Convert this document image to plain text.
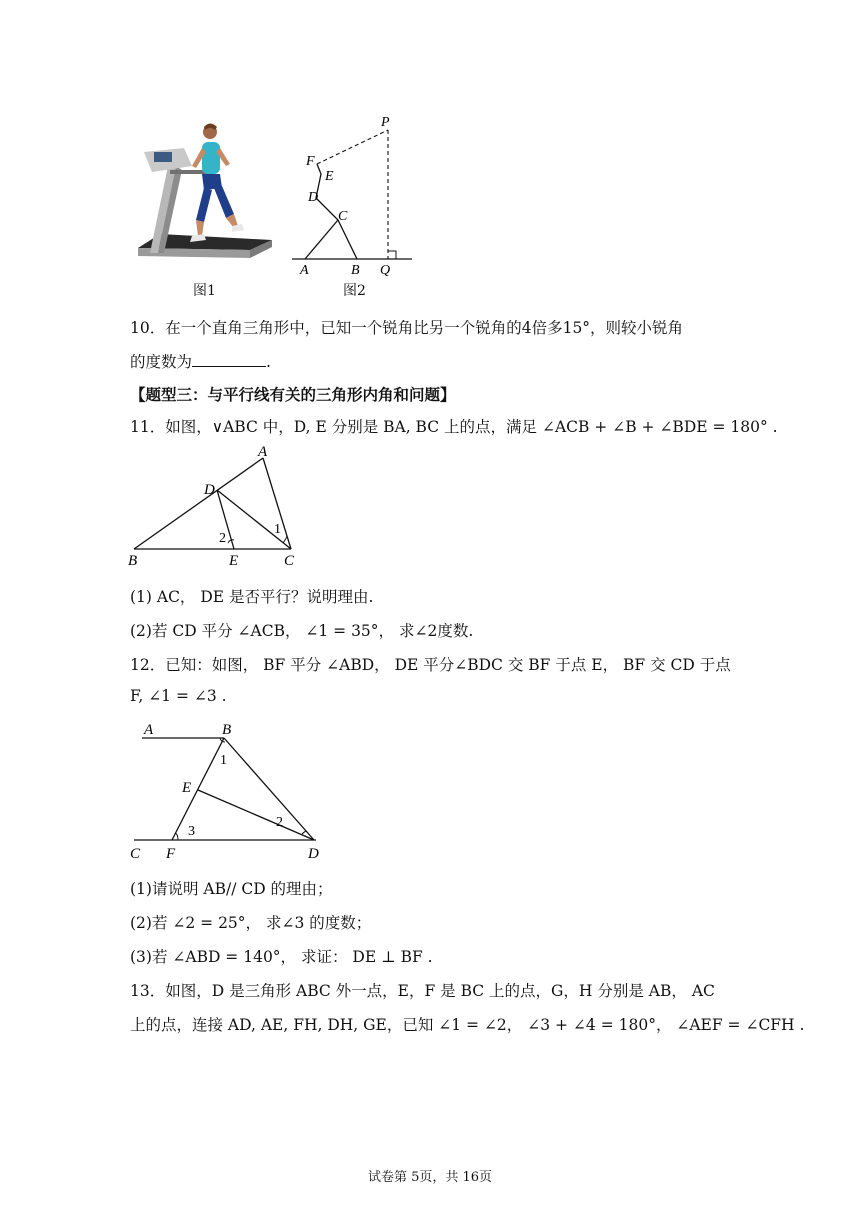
图1
P
F
E
D
C
A	B Q
图2
10．在一个直角三角形中，已知一个锐角比另一个锐角的4倍多15°，则较小锐角
的度数为	.
【题型三：与平行线有关的三角形内角和问题】
11．如图，∨ABC 中，D, E 分别是 BA, BC 上的点，满足 ∠ACB + ∠B + ∠BDE = 180° .
A
D
B	E	C
1
2
(1) AC， DE 是否平行？说明理由.
(2)若 CD 平分 ∠ACB， ∠1 = 35°， 求∠2度数.
12．已知：如图， BF 平分 ∠ABD， DE 平分∠BDC 交 BF 于点 E， BF 交 CD 于点
F, ∠1 = ∠3 .
A	B
E
C F	D
1
2
3
(1)请说明 AB// CD 的理由；
(2)若 ∠2 = 25°， 求∠3 的度数；
(3)若 ∠ABD = 140°， 求证： DE ⊥ BF .
13．如图，D 是三角形 ABC 外一点，E，F 是 BC 上的点，G，H 分别是 AB， AC
上的点，连接 AD, AE, FH, DH, GE，已知 ∠1 = ∠2， ∠3 + ∠4 = 180°， ∠AEF = ∠CFH .
试卷第 5页，共 16页
